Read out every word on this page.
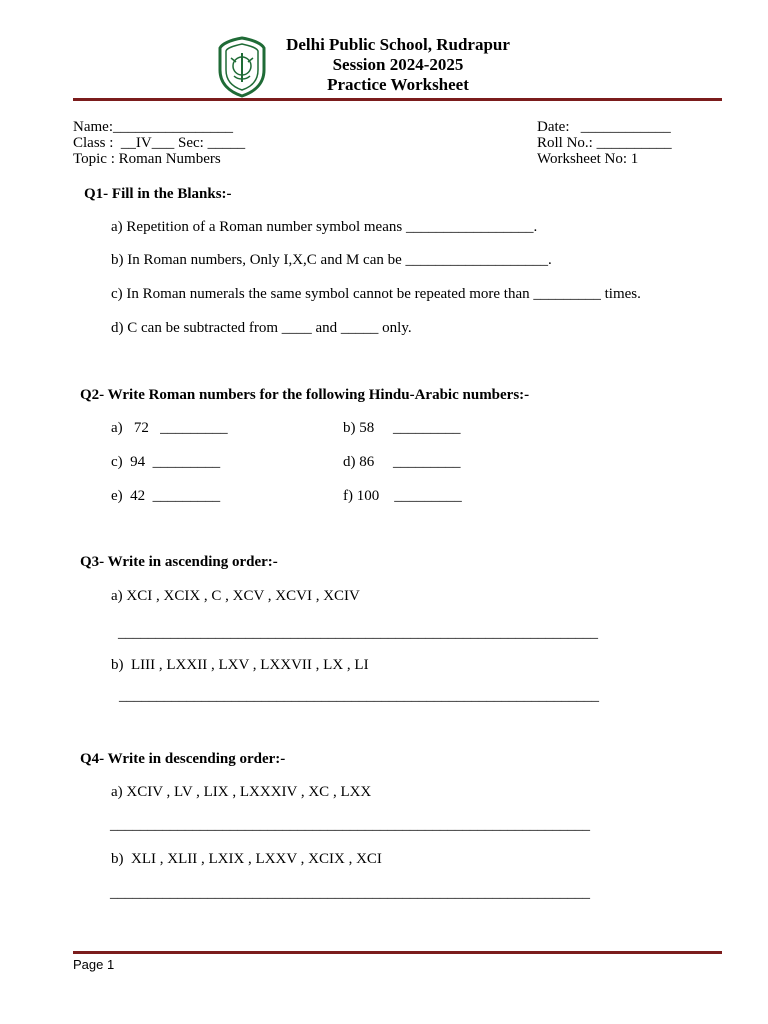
Delhi Public School, Rudrapur
Session 2024-2025
Practice Worksheet
Name:________________
Class :  __IV___ Sec: _____
Topic : Roman Numbers
Date:   ____________
Roll No.: __________
Worksheet No: 1
Q1- Fill in the Blanks:-
a) Repetition of a Roman number symbol means _________________.
b) In Roman numbers, Only I,X,C and M can be ___________________.
c) In Roman numerals the same symbol cannot be repeated more than _________ times.
d) C can be subtracted from ____ and _____ only.
Q2- Write Roman numbers for the following Hindu-Arabic numbers:-
a)   72   _________	b) 58     _________
c)  94  _________	d) 86     _________
e)  42  _________	f) 100    _________
Q3- Write in ascending order:-
a) XCI , XCIX , C , XCV , XCVI , XCIV
________________________________________________________________
b)  LIII , LXXII , LXV , LXXVII , LX , LI
________________________________________________________________
Q4- Write in descending order:-
a) XCIV , LV , LIX , LXXXIV , XC , LXX
________________________________________________________________
b)  XLI , XLII , LXIX , LXXV , XCIX , XCI
________________________________________________________________
Page 1
